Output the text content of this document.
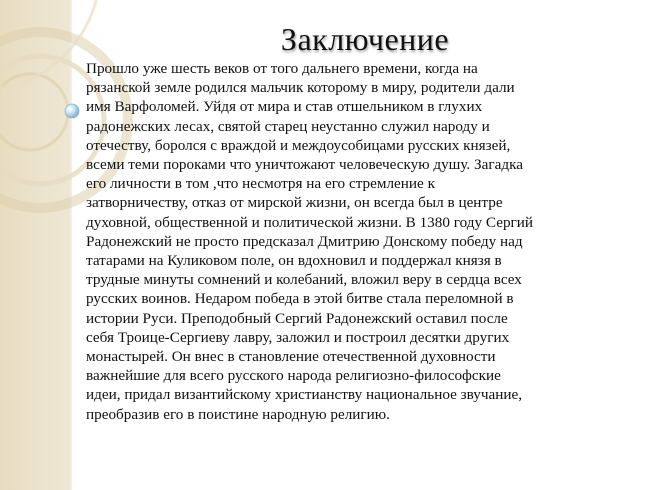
Заключение

Прошло уже шесть веков от того дальнего времени, когда на
рязанской земле родился мальчик которому в миру, родители дали
имя Варфоломей. Уйдя от мира и став отшельником в глухих
радонежских лесах, святой старец неустанно служил народу и
отечеству, боролся с враждой и междоусобицами русских князей,
всеми теми пороками что уничтожают человеческую душу. Загадка
его личности в том ,что несмотря на его стремление к
затворничеству, отказ от мирской жизни, он всегда был в центре
духовной, общественной и политической жизни. В 1380 году Сергий
Радонежский не просто предсказал Дмитрию Донскому победу над
татарами на Куликовом поле, он вдохновил и поддержал князя в
трудные минуты сомнений и колебаний, вложил веру в сердца всех
русских воинов. Недаром победа в этой битве стала переломной в
истории Руси. Преподобный Сергий Радонежский оставил после
себя Троице-Сергиеву лавру, заложил и построил десятки других
монастырей. Он внес в становление отечественной духовности
важнейшие для всего русского народа религиозно-философские
идеи, придал византийскому христианству национальное звучание,
преобразив его в поистине народную религию.
